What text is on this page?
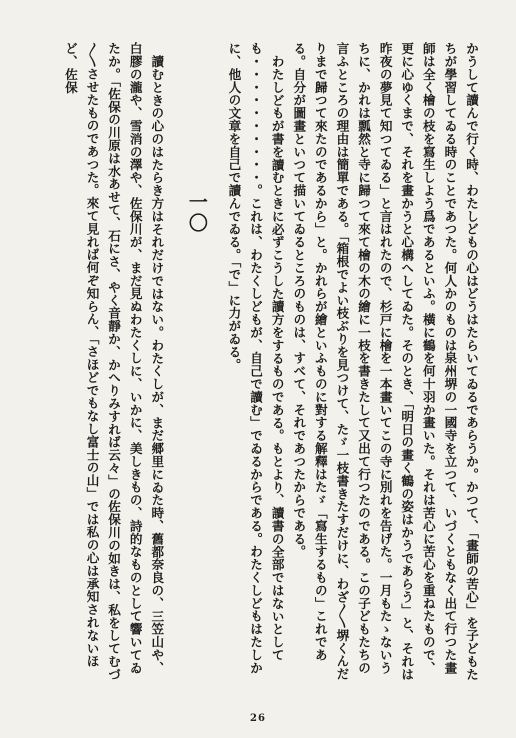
かうして讀んで行く時、わたしどもの心はどうはたらいてゐるであらうか。かつて、「畫師の苦心」を子どもたちが學習してゐる時のことであつた。何人かのものは泉州堺の一國寺を立つて、いづくともなく出て行つた畫師は全く檜の枝を寫生しよう爲であるといふ。橫に鶴を何十羽か畫いた。それは苦心に苦心を重ねたもので、更に心ゆくまで、それを畫かうと心構へしてゐた。そのとき、「明日の畫く鶴の姿はかうであらう」と、それは昨夜の夢見て知つてゐる」と言はれたので、杉戸に檜を一本畫いてこの寺に別れを告げた。一月もたゝないうちに、かれは瓢然と寺に歸つて來て檜の木の繪に一枝を書きたして又出て行つたのである。この子どもたちの言ふところの理由は簡單である。「箱根でよい枝ぶりを見つけて、たゞ一枝書きたすだけに、わざ〳〵堺くんだりまで歸つて來たのであるから」と。かれらが繪といふものに對する解釋はたゞ「寫生するもの」これである。自分が圖畫といつて描いてゐるところのものは、すべて、それであつたからである。

わたしどもが書を讀むときに必ずこうした讀方をするものである。もとより、讀書の全部ではないとしても・・・・・・・・・・。これは、わたくしどもが、自己で讀む」でゐるからである。わたくしどもはたしかに、他人の文章を自己で讀んでゐる。「で」に力がゐる。

一〇

讀むときの心のはたらき方はそれだけではない。わたくしが、まだ郷里にゐた時、舊都奈良の、三笠山や、白膠の瀧や、雪消の澤や、佐保川が、まだ見ぬわたくしに、いかに、美しきもの、詩的なものとして響いてゐたか。「佐保の川原は水あせて、石にさ、やく音靜か、かへりみすれば云々」の佐保川の如きは、私をしてむづ〳〵させたものであつた。來て見れば何ぞ知らん、「さほどでもなし富士の山」では私の心は承知されないほど、佐保

26
